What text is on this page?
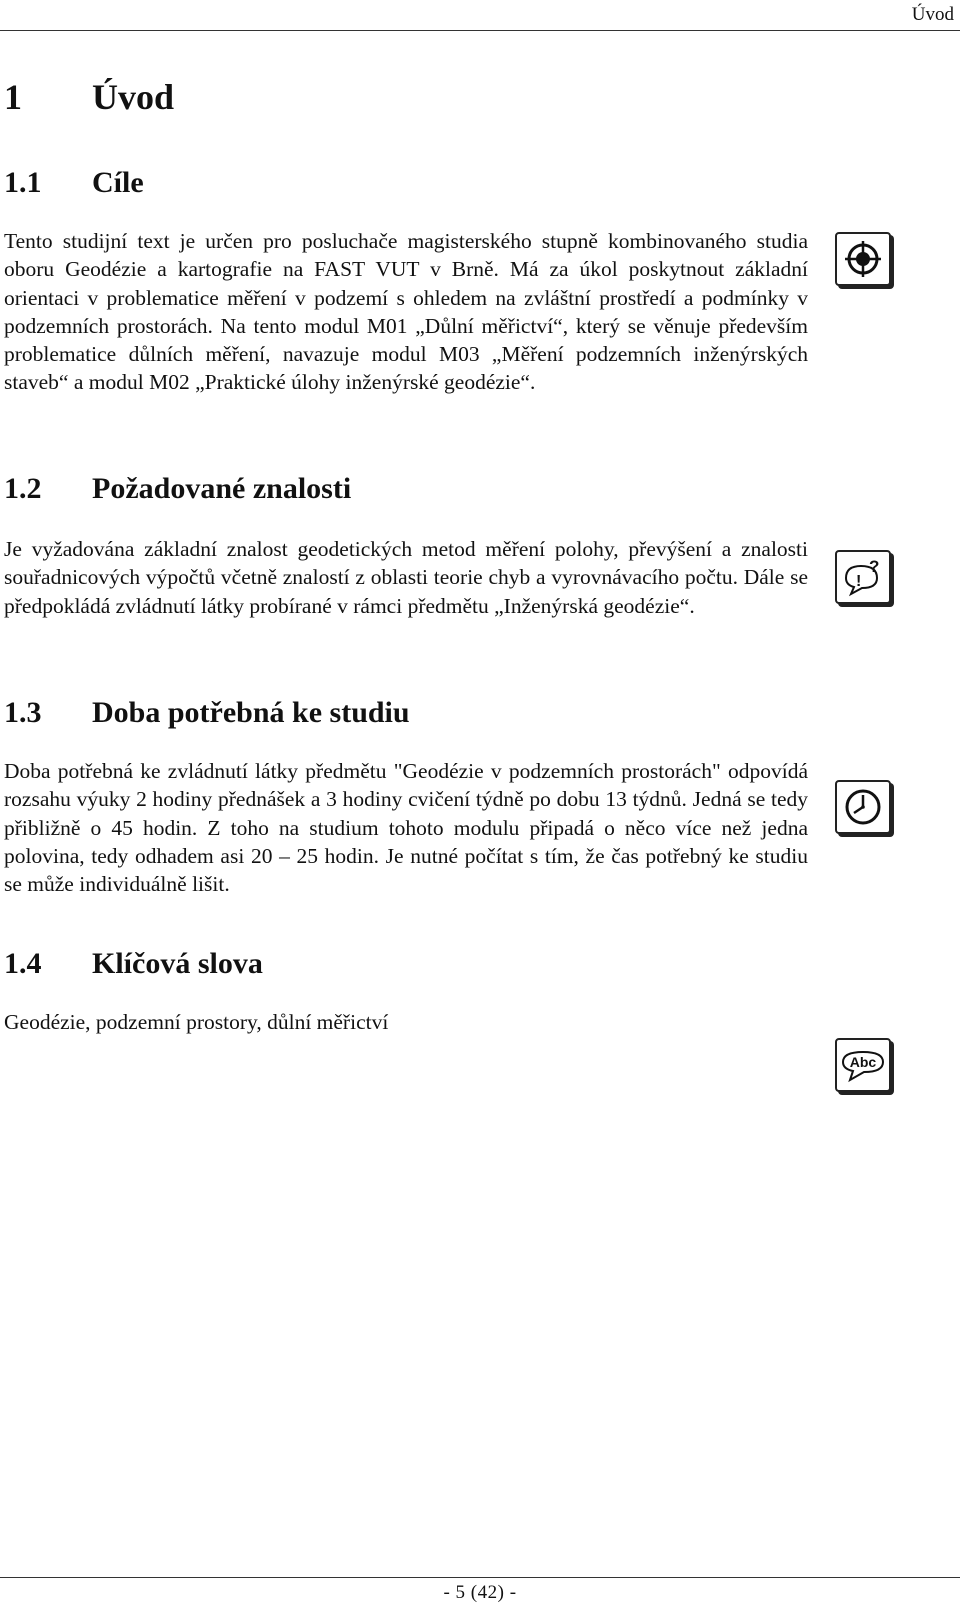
Úvod
1 Úvod
1.1 Cíle

Tento studijní text je určen pro posluchače magisterského stupně kombinovaného studia oboru Geodézie a kartografie na FAST VUT v Brně. Má za úkol poskytnout základní orientaci v problematice měření v podzemí s ohledem na zvláštní prostředí a podmínky v podzemních prostorách. Na tento modul M01 „Důlní měřictví“, který se věnuje především problematice důlních měření, navazuje modul M03 „Měření podzemních inženýrských staveb“ a modul M02 „Praktické úlohy inženýrské geodézie“.

1.2 Požadované znalosti

Je vyžadována základní znalost geodetických metod měření polohy, převýšení a znalosti souřadnicových výpočtů včetně znalostí z oblasti teorie chyb a vyrovnávacího počtu. Dále se předpokládá zvládnutí látky probírané v rámci předmětu „Inženýrská geodézie“.

?
!
1.3 Doba potřebná ke studiu

Doba potřebná ke zvládnutí látky předmětu "Geodézie v podzemních prostorách" odpovídá rozsahu výuky 2 hodiny přednášek a 3 hodiny cvičení týdně po dobu 13 týdnů. Jedná se tedy přibližně o 45 hodin. Z toho na studium tohoto modulu připadá o něco více než jedna polovina, tedy odhadem asi 20 – 25 hodin. Je nutné počítat s tím, že čas potřebný ke studiu se může individuálně lišit.

1.4 Klíčová slova

Geodézie, podzemní prostory, důlní měřictví

Abc
- 5 (42) -
